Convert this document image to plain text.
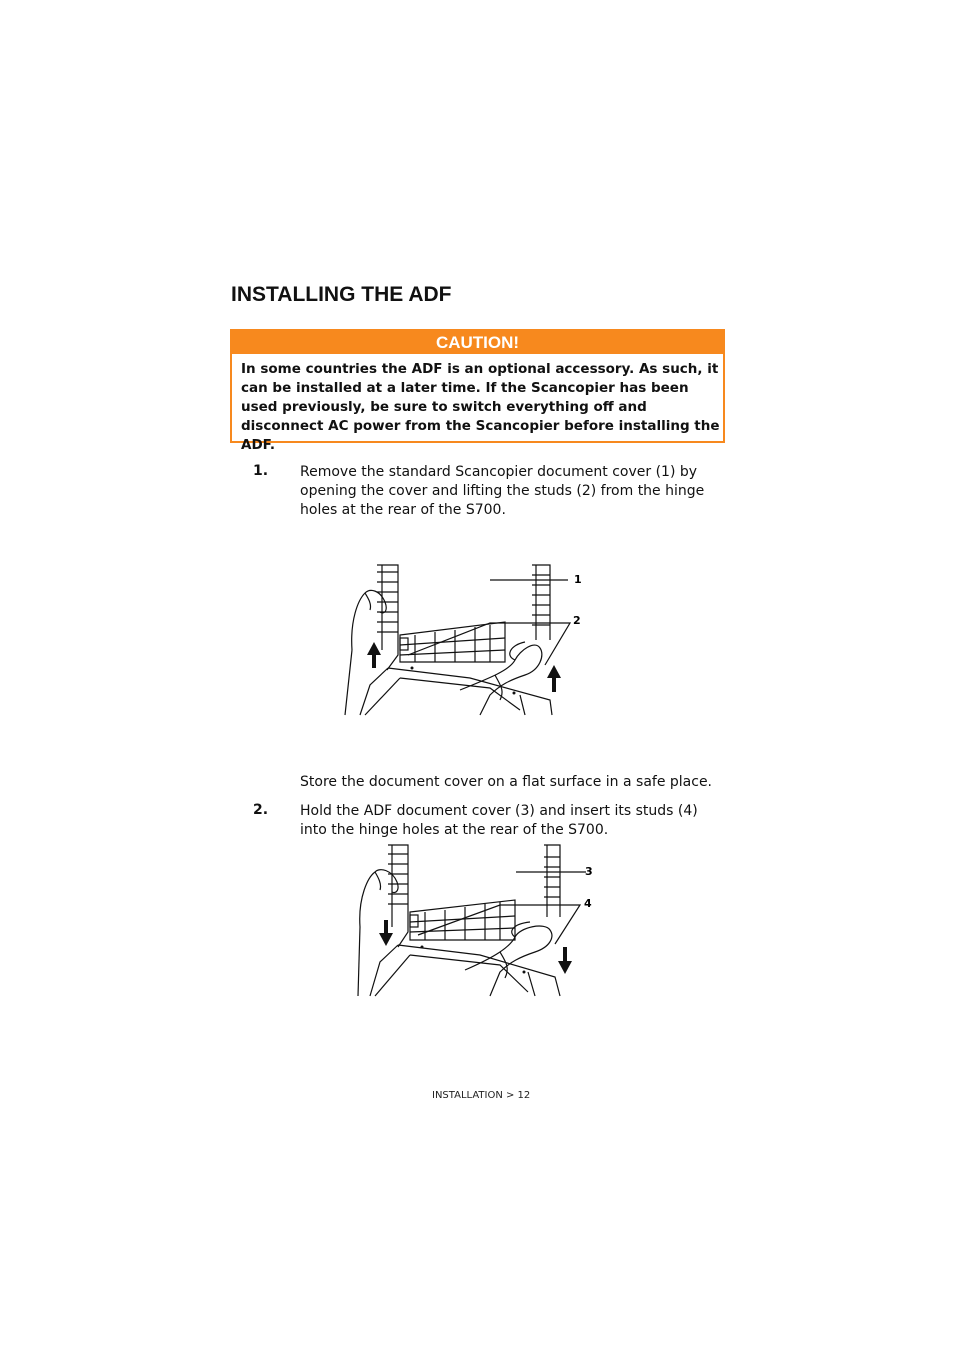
INSTALLING THE ADF
CAUTION!
In some countries the ADF is an optional accessory. As such, it can be installed at a later time. If the Scancopier has been used previously, be sure to switch everything off and disconnect AC power from the Scancopier before installing the ADF.
1. Remove the standard Scancopier document cover (1) by opening the cover and lifting the studs (2) from the hinge holes at the rear of the S700.
1
2
Store the document cover on a flat surface in a safe place.
2. Hold the ADF document cover (3) and insert its studs (4) into the hinge holes at the rear of the S700.
3
4
INSTALLATION > 12
